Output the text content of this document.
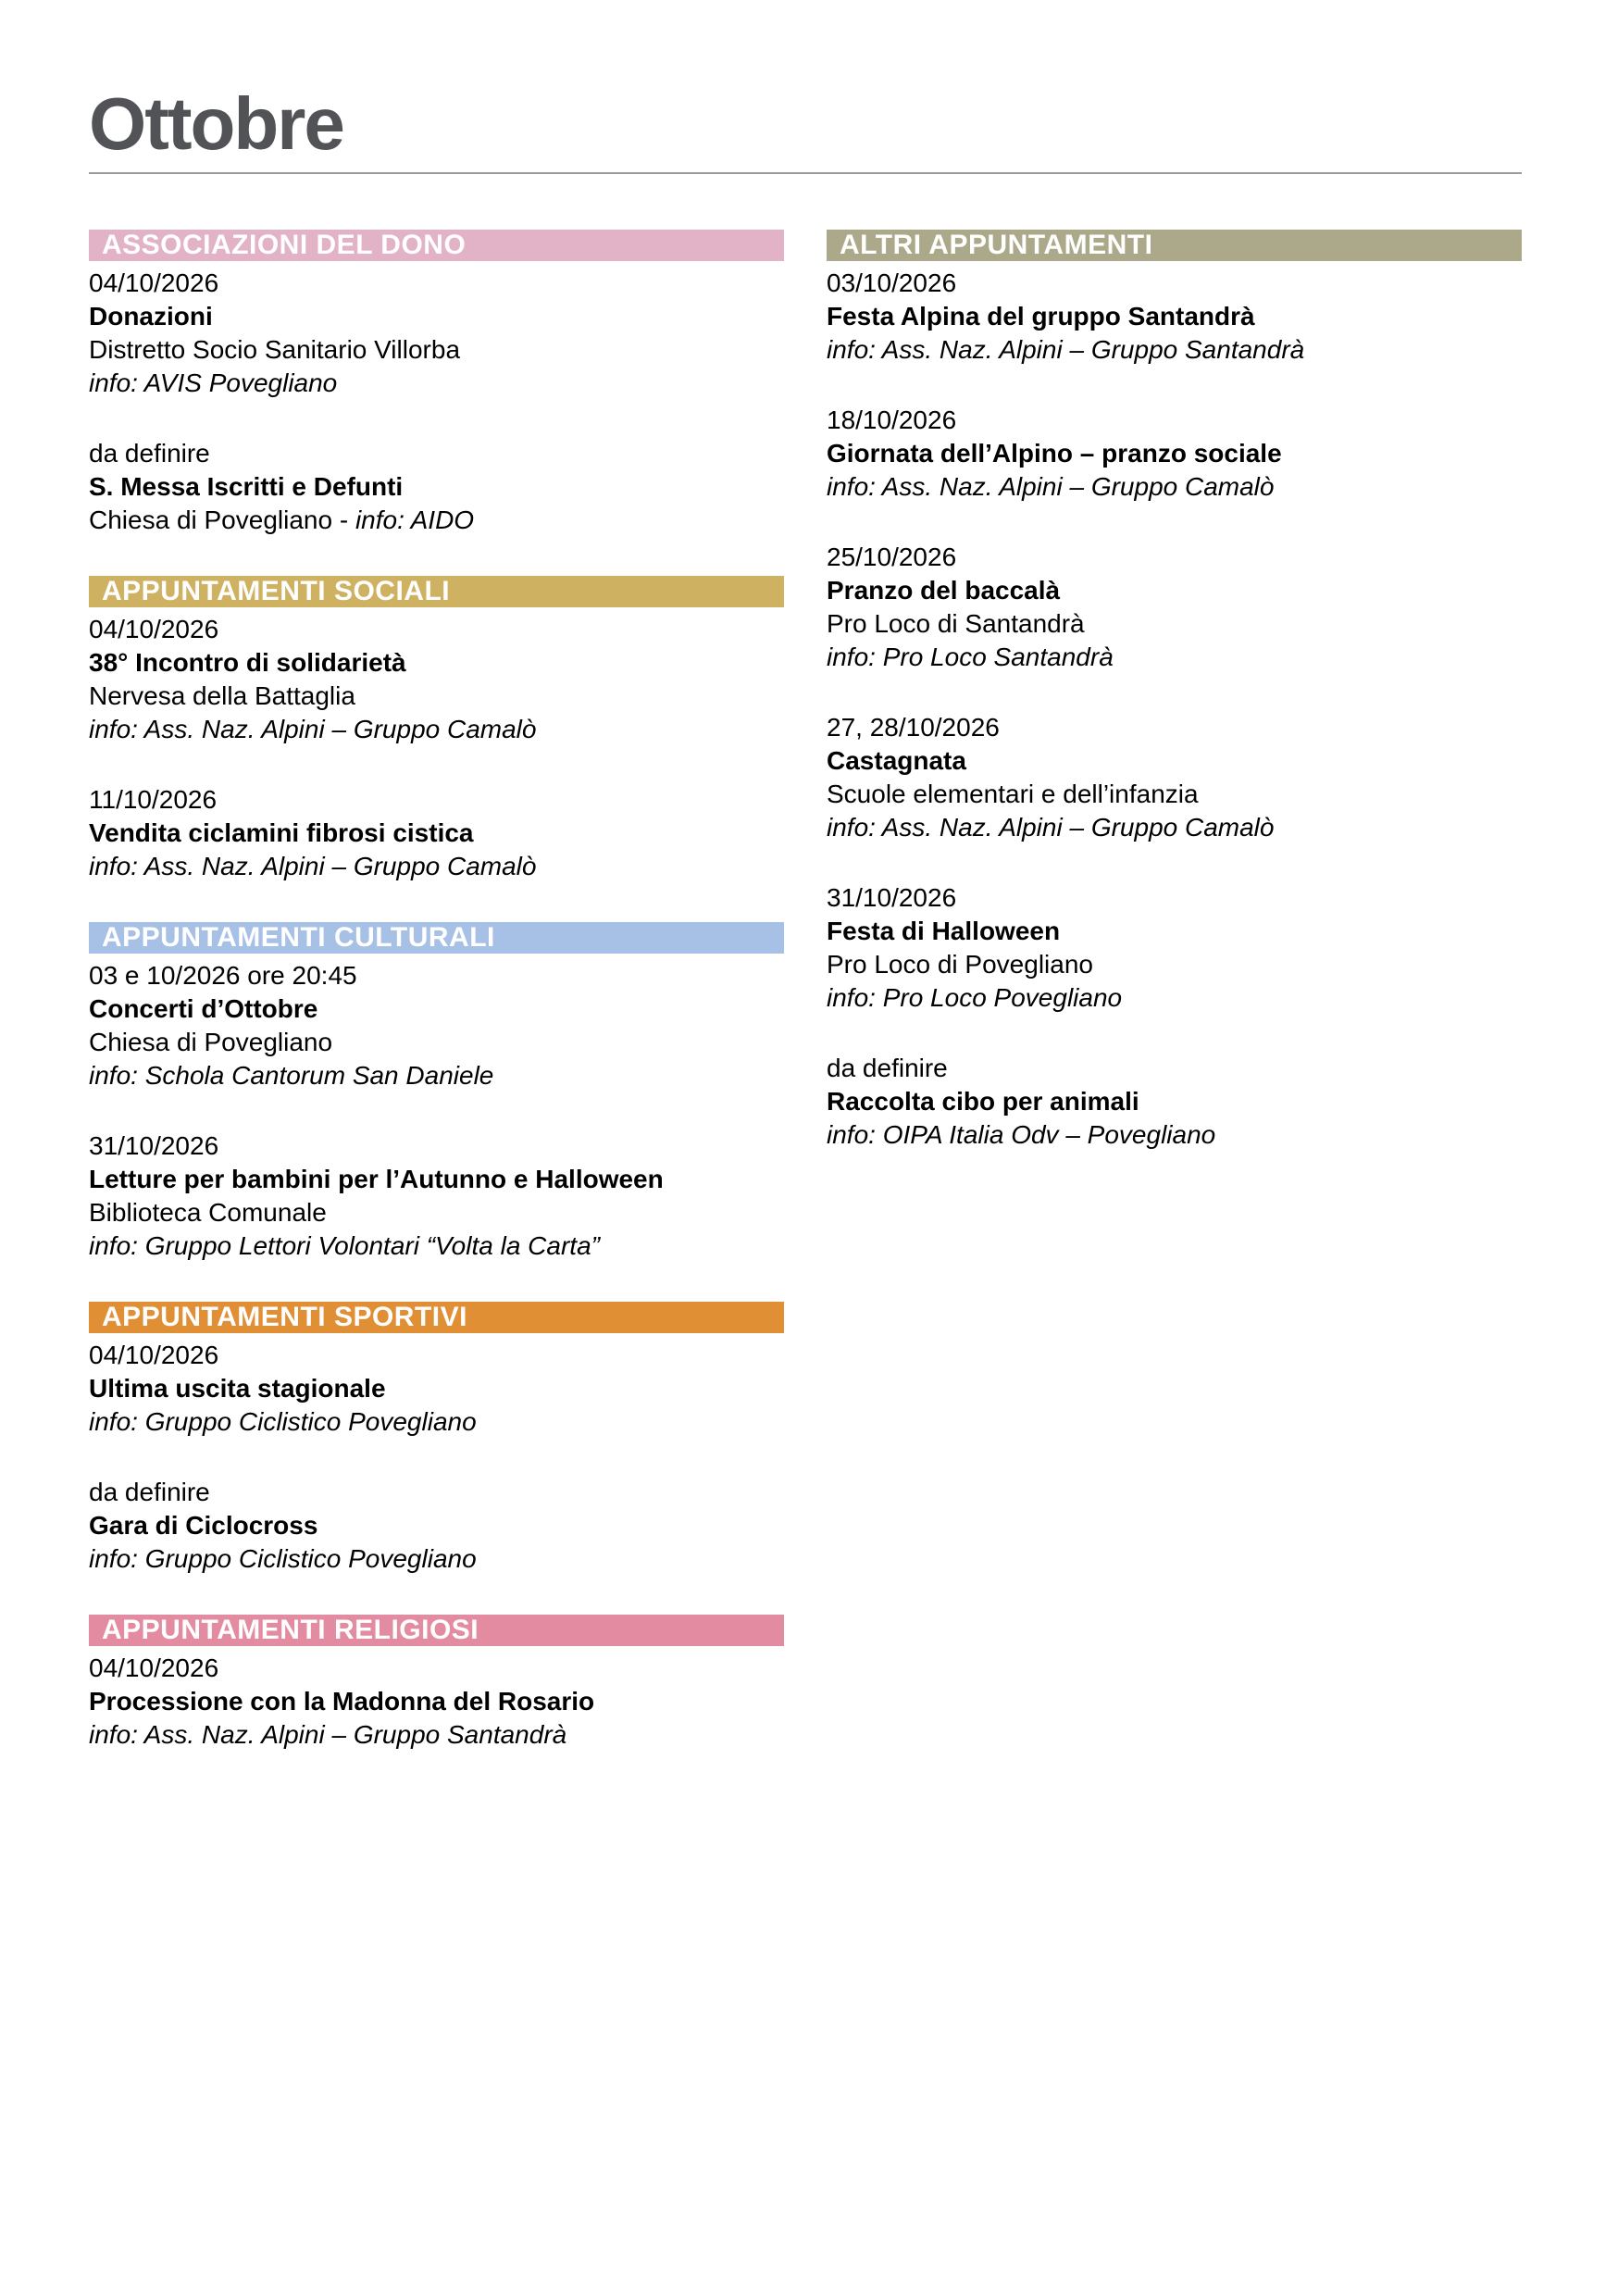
Ottobre
ASSOCIAZIONI DEL DONO
04/10/2026
Donazioni
Distretto Socio Sanitario Villorba
info: AVIS Povegliano
da definire
S. Messa Iscritti e Defunti
Chiesa di Povegliano - info: AIDO
APPUNTAMENTI SOCIALI
04/10/2026
38° Incontro di solidarietà
Nervesa della Battaglia
info: Ass. Naz. Alpini – Gruppo Camalò
11/10/2026
Vendita ciclamini fibrosi cistica
info: Ass. Naz. Alpini – Gruppo Camalò
APPUNTAMENTI CULTURALI
03 e 10/2026 ore 20:45
Concerti d’Ottobre
Chiesa di Povegliano
info: Schola Cantorum San Daniele
31/10/2026
Letture per bambini per l’Autunno e Halloween
Biblioteca Comunale
info: Gruppo Lettori Volontari “Volta la Carta”
APPUNTAMENTI SPORTIVI
04/10/2026
Ultima uscita stagionale
info: Gruppo Ciclistico Povegliano
da definire
Gara di Ciclocross
info: Gruppo Ciclistico Povegliano
APPUNTAMENTI RELIGIOSI
04/10/2026
Processione con la Madonna del Rosario
info: Ass. Naz. Alpini – Gruppo Santandrà
ALTRI APPUNTAMENTI
03/10/2026
Festa Alpina del gruppo Santandrà
info: Ass. Naz. Alpini – Gruppo Santandrà
18/10/2026
Giornata dell’Alpino – pranzo sociale
info: Ass. Naz. Alpini – Gruppo Camalò
25/10/2026
Pranzo del baccalà
Pro Loco di Santandrà
info: Pro Loco Santandrà
27, 28/10/2026
Castagnata
Scuole elementari e dell’infanzia
info: Ass. Naz. Alpini – Gruppo Camalò
31/10/2026
Festa di Halloween
Pro Loco di Povegliano
info: Pro Loco Povegliano
da definire
Raccolta cibo per animali
info: OIPA Italia Odv – Povegliano
